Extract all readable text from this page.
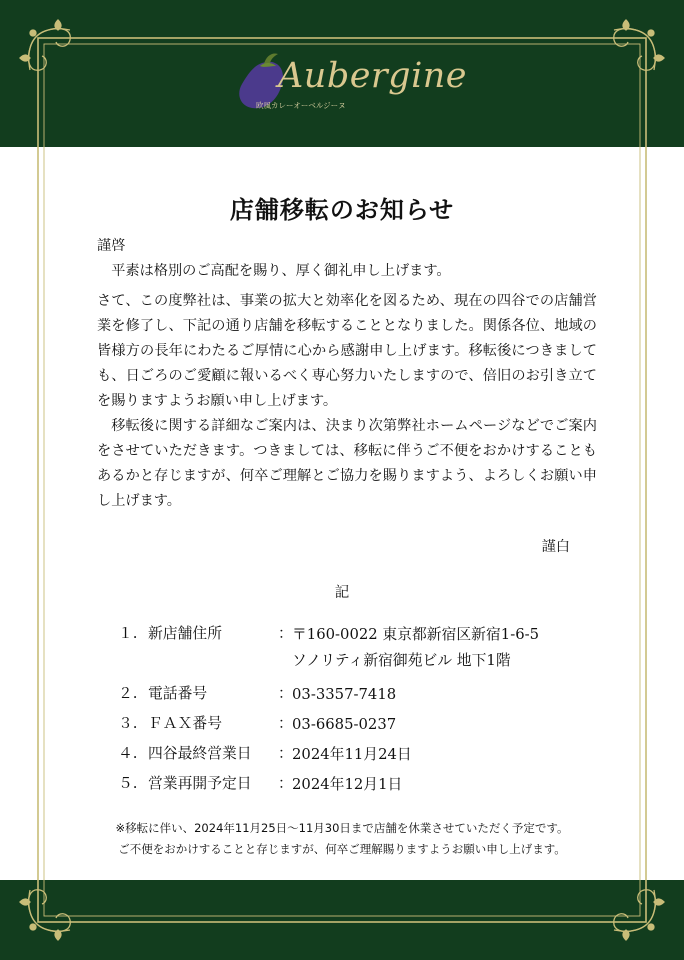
Aubergine
欧風カレーオーベルジーヌ
店舗移転のお知らせ

謹啓

平素は格別のご高配を賜り、厚く御礼申し上げます。

さて、この度弊社は、事業の拡大と効率化を図るため、現在の四谷での店舗営業を修了し、下記の通り店舗を移転することとなりました。関係各位、地域の皆様方の長年にわたるご厚情に心から感謝申し上げます。移転後につきましても、日ごろのご愛顧に報いるべく専心努力いたしますので、倍旧のお引き立てを賜りますようお願い申し上げます。

移転後に関する詳細なご案内は、決まり次第弊社ホームページなどでご案内をさせていただきます。つきましては、移転に伴うご不便をおかけすることもあるかと存じますが、何卒ご理解とご協力を賜りますよう、よろしくお願い申し上げます。

謹白
記
１. 新店舗住所	： 〒160-0022 東京都新宿区新宿1-6-5
ソノリティ新宿御苑ビル 地下1階
２. 電話番号	： 03-3357-7418
３. ＦＡＸ番号	： 03-6685-0237
４. 四谷最終営業日 ： 2024年11月24日
５. 営業再開予定日 ： 2024年12月1日
※移転に伴い、2024年11月25日～11月30日まで店舗を休業させていただく予定です。
ご不便をおかけすることと存じますが、何卒ご理解賜りますようお願い申し上げます。
